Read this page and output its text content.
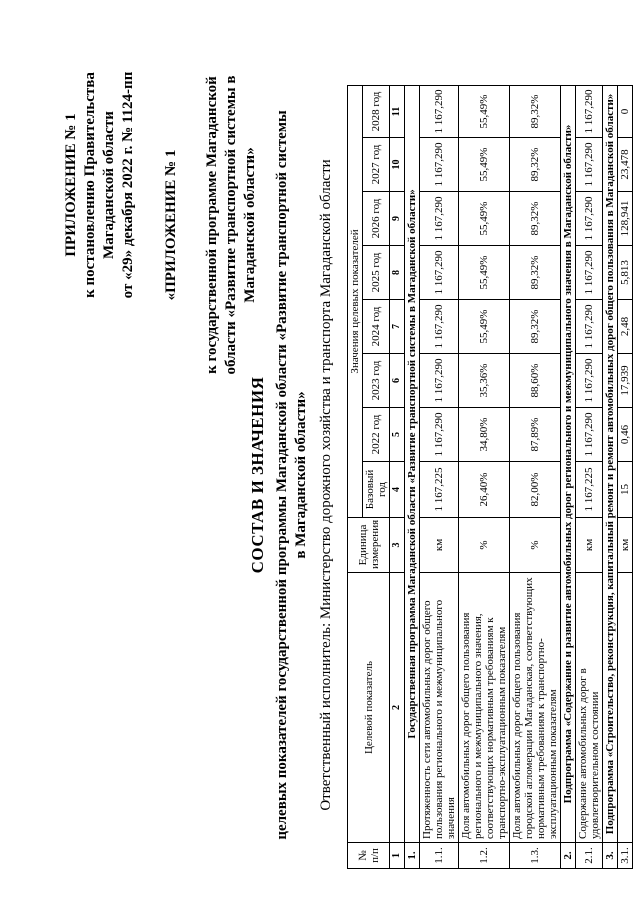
ПРИЛОЖЕНИЕ № 1 к постановлению Правительства Магаданской области от «29» декабря 2022 г. № 1124-пп «ПРИЛОЖЕНИЕ № 1 к государственной программе Магаданской области «Развитие транспортной системы в Магаданской области»
СОСТАВ И ЗНАЧЕНИЯ целевых показателей государственной программы Магаданской области «Развитие транспортной системы в Магаданской области» Ответственный исполнитель: Министерство дорожного хозяйства и транспорта Магаданской области
№ п/п	Целевой показатель	Единица измерения	Значения целевых показателей							
			Базовый год	2022 год	2023 год	2024 год	2025 год	2026 год	2027 год	2028 год
1	2	3	4	5	6	7	8	9	10	11
1.	Государственная программа Магаданской области «Развитие транспортной системы в Магаданской области»									
1.1.	Протяженность сети автомобильных дорог общего пользования регионального и межмуниципального значения	км	1 167,225	1 167,290	1 167,290	1 167,290	1 167,290	1 167,290	1 167,290	1 167,290
1.2.	Доля автомобильных дорог общего пользования регионального и межмуниципального значения, соответствующих нормативным требованиям к транспортно-эксплуатационным показателям	%	26,40%	34,80%	35,36%	55,49%	55,49%	55,49%	55,49%	55,49%
1.3.	Доля автомобильных дорог общего пользования городской агломерации Магаданская, соответствующих нормативным требованиям к транспортно-эксплуатационным показателям	%	82,00%	87,89%	88,60%	89,32%	89,32%	89,32%	89,32%	89,32%
2.	Подпрограмма «Содержание и развитие автомобильных дорог регионального и межмуниципального значения в Магаданской области»									
2.1.	Содержание автомобильных дорог в удовлетворительном состоянии	км	1 167,225	1 167,290	1 167,290	1 167,290	1 167,290	1 167,290	1 167,290	1 167,290
3.	Подпрограмма «Строительство, реконструкция, капитальный ремонт и ремонт автомобильных дорог общего пользования в Магаданской области»									
3.1.		км	15	0,46	17,939	2,48	5,813	128,941	23,478	0
